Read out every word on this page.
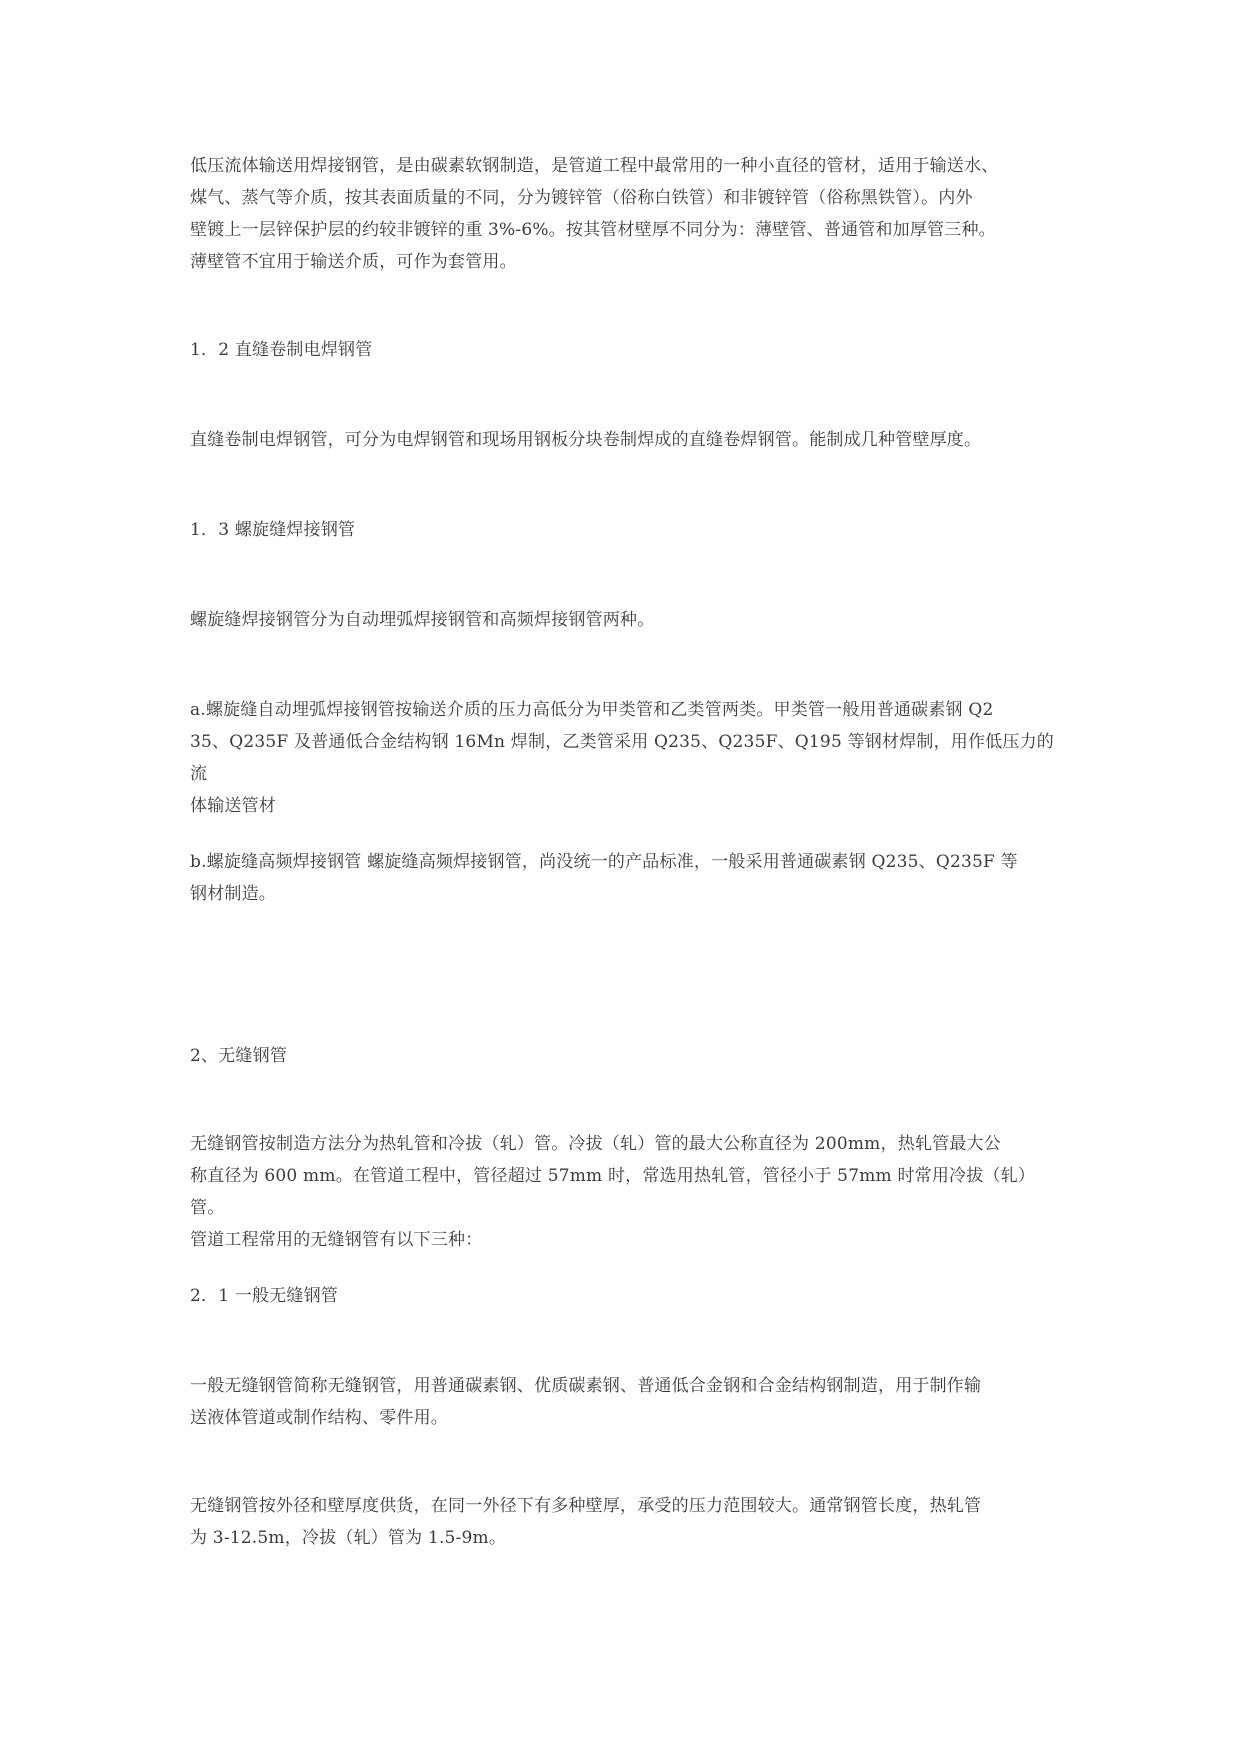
低压流体输送用焊接钢管，是由碳素软钢制造，是管道工程中最常用的一种小直径的管材，适用于输送水、
煤气、蒸气等介质，按其表面质量的不同，分为镀锌管（俗称白铁管）和非镀锌管（俗称黑铁管）。内外
壁镀上一层锌保护层的约较非镀锌的重 3%-6%。按其管材壁厚不同分为：薄壁管、普通管和加厚管三种。
薄壁管不宜用于输送介质，可作为套管用。

1．2 直缝卷制电焊钢管

直缝卷制电焊钢管，可分为电焊钢管和现场用钢板分块卷制焊成的直缝卷焊钢管。能制成几种管壁厚度。

1．3 螺旋缝焊接钢管

螺旋缝焊接钢管分为自动埋弧焊接钢管和高频焊接钢管两种。

a.螺旋缝自动埋弧焊接钢管按输送介质的压力高低分为甲类管和乙类管两类。甲类管一般用普通碳素钢 Q2
35、Q235F 及普通低合金结构钢 16Mn 焊制，乙类管采用 Q235、Q235F、Q195 等钢材焊制，用作低压力的流
体输送管材

b.螺旋缝高频焊接钢管 螺旋缝高频焊接钢管，尚没统一的产品标准，一般采用普通碳素钢 Q235、Q235F 等
钢材制造。

2、无缝钢管

无缝钢管按制造方法分为热轧管和冷拔（轧）管。冷拔（轧）管的最大公称直径为 200mm，热轧管最大公
称直径为 600 mm。在管道工程中，管径超过 57mm 时，常选用热轧管，管径小于 57mm 时常用冷拔（轧）管。
管道工程常用的无缝钢管有以下三种：

2．1 一般无缝钢管

一般无缝钢管简称无缝钢管，用普通碳素钢、优质碳素钢、普通低合金钢和合金结构钢制造，用于制作输
送液体管道或制作结构、零件用。

无缝钢管按外径和壁厚度供货，在同一外径下有多种壁厚，承受的压力范围较大。通常钢管长度，热轧管
为 3-12.5m，冷拔（轧）管为 1.5-9m。
